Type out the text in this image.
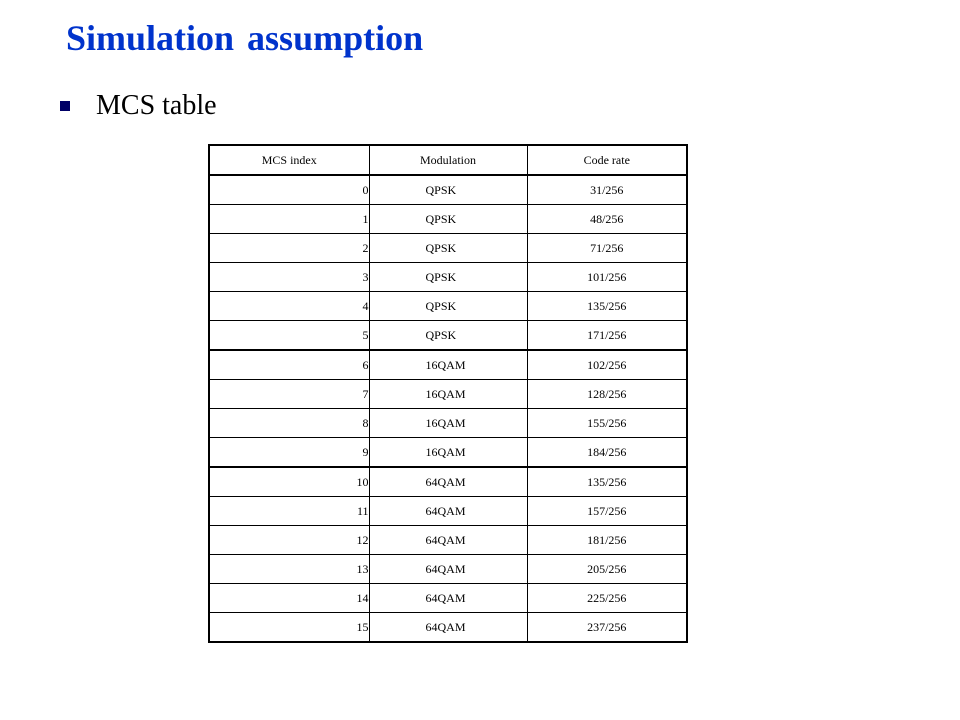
Simulation assumption
MCS table
MCS index	Modulation	Code rate
0	QPSK	31/256
1	QPSK	48/256
2	QPSK	71/256
3	QPSK	101/256
4	QPSK	135/256
5	QPSK	171/256
6	16QAM	102/256
7	16QAM	128/256
8	16QAM	155/256
9	16QAM	184/256
10	64QAM	135/256
11	64QAM	157/256
12	64QAM	181/256
13	64QAM	205/256
14	64QAM	225/256
15	64QAM	237/256
